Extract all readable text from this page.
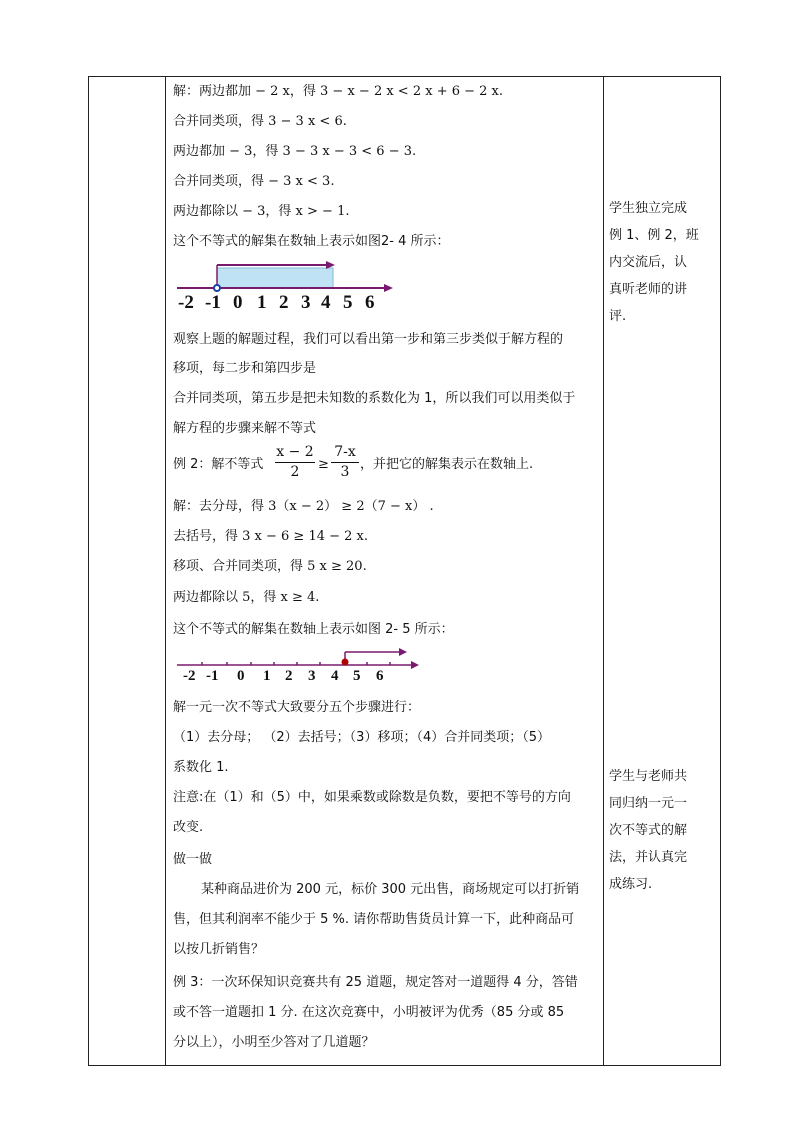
解：两边都加 − 2 x，得 3 − x − 2 x < 2 x + 6 − 2 x.
合并同类项，得 3 − 3 x < 6.
两边都加 − 3，得 3 − 3 x − 3 < 6 − 3.
合并同类项，得 − 3 x < 3.
两边都除以 − 3，得 x > − 1.
这个不等式的解集在数轴上表示如图2- 4 所示：
-2 -1 0 1 2 3 4 5 6
观察上题的解题过程，我们可以看出第一步和第三步类似于解方程的
移项，每二步和第四步是
合并同类项，第五步是把未知数的系数化为 1，所以我们可以用类似于
解方程的步骤来解不等式
例 2：解不等式 $\frac{x - 2}{2} \ge \frac{7-x}{3}$ ，并把它的解集表示在数轴上.
解：去分母，得 3（x − 2） ≥ 2（7 − x） .
去括号，得 3 x − 6 ≥ 14 − 2 x.
移项、合并同类项，得 5 x ≥ 20.
两边都除以 5，得 x ≥ 4.
这个不等式的解集在数轴上表示如图 2- 5 所示：
-2 -1 0 1 2 3 4 5 6
解一元一次不等式大致要分五个步骤进行：
（1）去分母； （2）去括号；（3）移项；（4）合并同类项；（5）
系数化 1.
注意:在（1）和（5）中，如果乘数或除数是负数，要把不等号的方向
改变.
做一做
某种商品进价为 200 元，标价 300 元出售，商场规定可以打折销
售，但其利润率不能少于 5 %. 请你帮助售货员计算一下，此种商品可
以按几折销售？
例 3：一次环保知识竞赛共有 25 道题，规定答对一道题得 4 分，答错
或不答一道题扣 1 分. 在这次竞赛中，小明被评为优秀（85 分或 85
分以上），小明至少答对了几道题？
学生独立完成
例 1、例 2，班
内交流后，认
真听老师的讲
评.
学生与老师共
同归纳一元一
次不等式的解
法，并认真完
成练习.
